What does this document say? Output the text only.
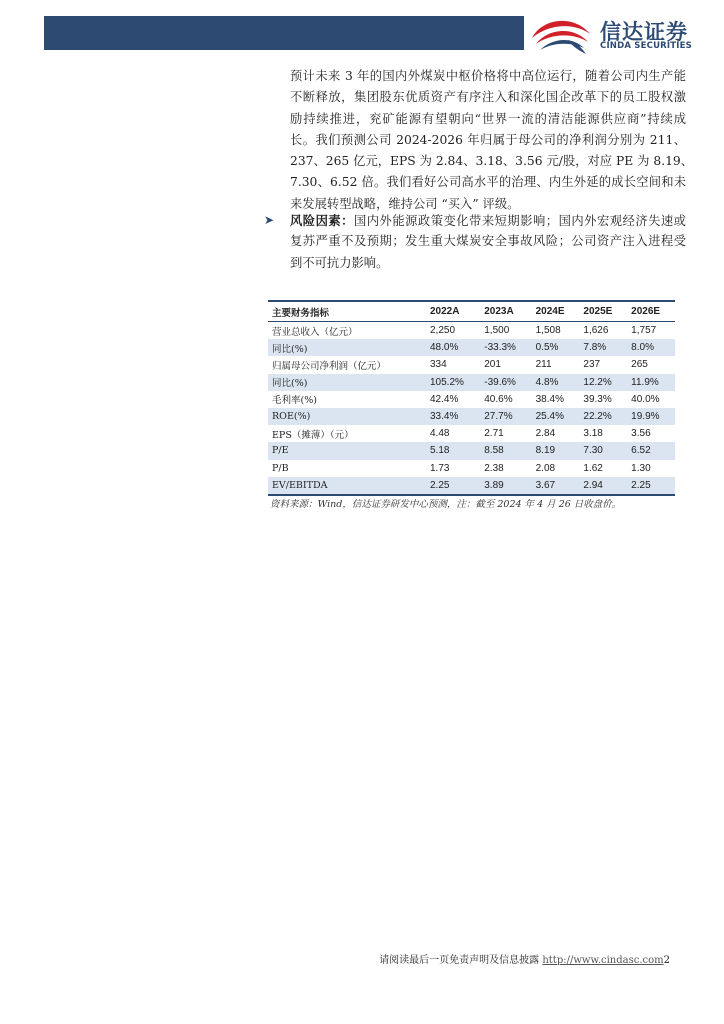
信达证券
CINDA SECURITIES
预计未来 3 年的国内外煤炭中枢价格将中高位运行，随着公司内生产能
不断释放，集团股东优质资产有序注入和深化国企改革下的员工股权激
励持续推进，兖矿能源有望朝向“世界一流的清洁能源供应商”持续成
长。我们预测公司 2024-2026 年归属于母公司的净利润分别为 211、
237、265 亿元，EPS 为 2.84、3.18、3.56 元/股，对应 PE 为 8.19、
7.30、6.52 倍。我们看好公司高水平的治理、内生外延的成长空间和未
来发展转型战略，维持公司 “买入” 评级。
➤	风险因素：国内外能源政策变化带来短期影响；国内外宏观经济失速或
复苏严重不及预期；发生重大煤炭安全事故风险；公司资产注入进程受
到不可抗力影响。
主要财务指标	2022A	2023A	2024E	2025E	2026E
营业总收入（亿元）	2,250	1,500	1,508	1,626	1,757
同比(%)	48.0%	-33.3%	0.5%	7.8%	8.0%
归属母公司净利润（亿元）	334	201	211	237	265
同比(%)	105.2%	-39.6%	4.8%	12.2%	11.9%
毛利率(%)	42.4%	40.6%	38.4%	39.3%	40.0%
ROE(%)	33.4%	27.7%	25.4%	22.2%	19.9%
EPS（摊薄）（元）	4.48	2.71	2.84	3.18	3.56
P/E	5.18	8.58	8.19	7.30	6.52
P/B	1.73	2.38	2.08	1.62	1.30
EV/EBITDA	2.25	3.89	3.67	2.94	2.25
资料来源：Wind，信达证券研发中心预测，注：截至 2024 年 4 月 26 日收盘价。
请阅读最后一页免责声明及信息披露 http://www.cindasc.com2
